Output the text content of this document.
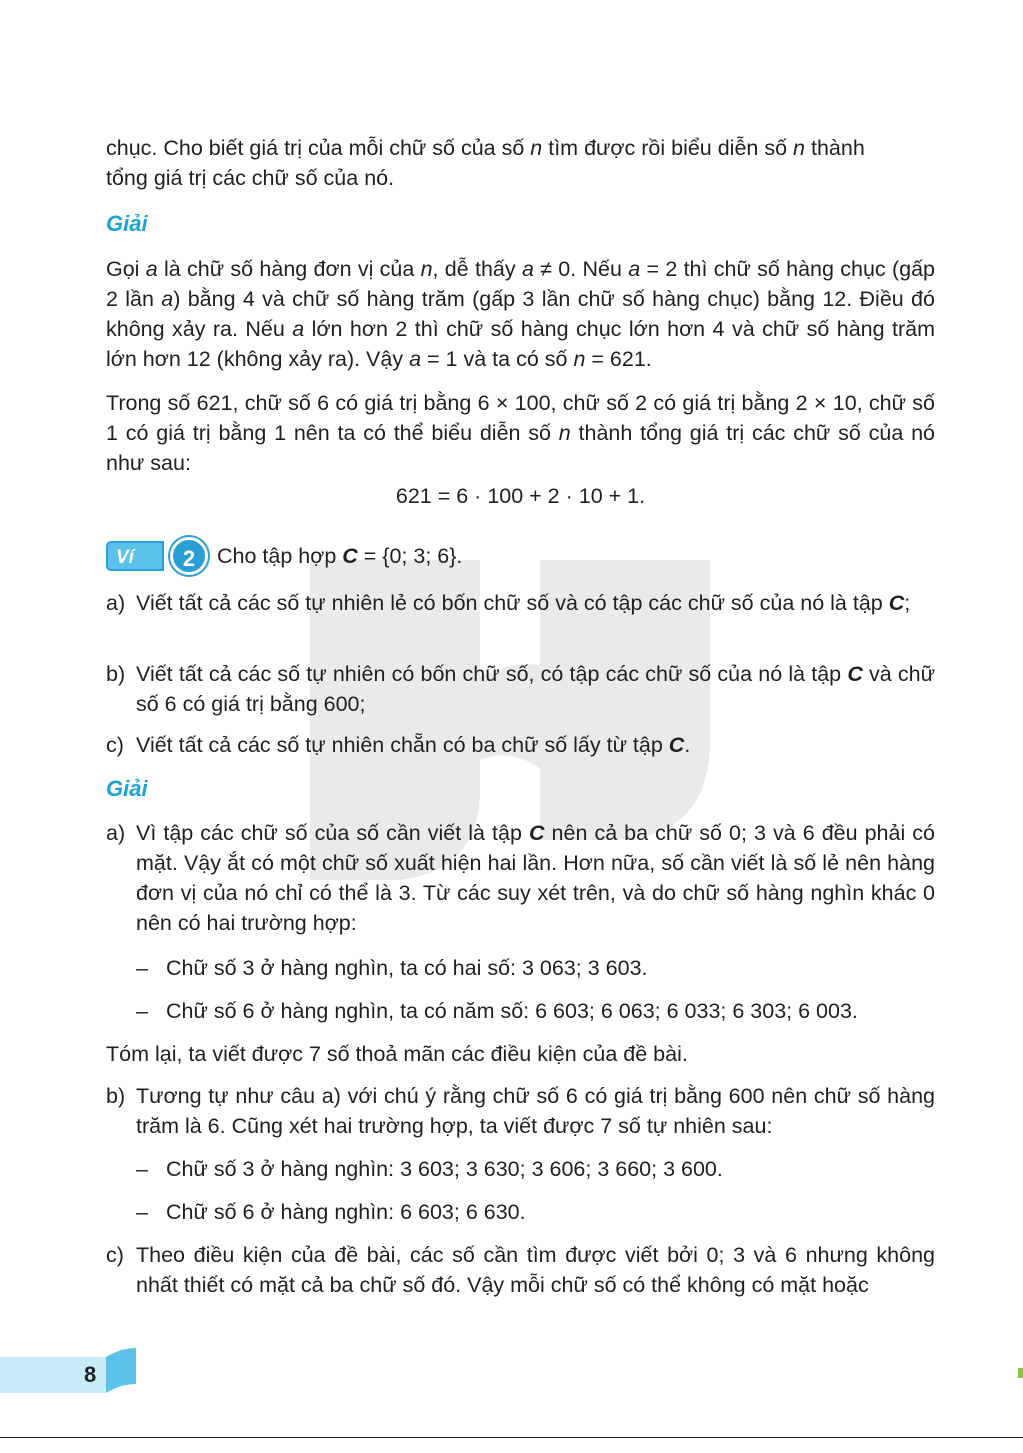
chục. Cho biết giá trị của mỗi chữ số của số n tìm được rồi biểu diễn số n thành
tổng giá trị các chữ số của nó.
Giải
Gọi a là chữ số hàng đơn vị của n, dễ thấy a ≠ 0. Nếu a = 2 thì chữ số hàng chục (gấp 2 lần a) bằng 4 và chữ số hàng trăm (gấp 3 lần chữ số hàng chục) bằng 12. Điều đó không xảy ra. Nếu a lớn hơn 2 thì chữ số hàng chục lớn hơn 4 và chữ số hàng trăm lớn hơn 12 (không xảy ra). Vậy a = 1 và ta có số n = 621.
Trong số 621, chữ số 6 có giá trị bằng 6 × 100, chữ số 2 có giá trị bằng 2 × 10, chữ số 1 có giá trị bằng 1 nên ta có thể biểu diễn số n thành tổng giá trị các chữ số của nó như sau:
621 = 6 · 100 + 2 · 10 + 1.
Ví dụ
2	Cho tập hợp C = {0; 3; 6}.
a) Viết tất cả các số tự nhiên lẻ có bốn chữ số và có tập các chữ số của nó là tập C;
b) Viết tất cả các số tự nhiên có bốn chữ số, có tập các chữ số của nó là tập C và chữ số 6 có giá trị bằng 600;
c) Viết tất cả các số tự nhiên chẵn có ba chữ số lấy từ tập C.
Giải
a) Vì tập các chữ số của số cần viết là tập C nên cả ba chữ số 0; 3 và 6 đều phải có mặt. Vậy ắt có một chữ số xuất hiện hai lần. Hơn nữa, số cần viết là số lẻ nên hàng đơn vị của nó chỉ có thể là 3. Từ các suy xét trên, và do chữ số hàng nghìn khác 0 nên có hai trường hợp:
– Chữ số 3 ở hàng nghìn, ta có hai số: 3 063; 3 603.
– Chữ số 6 ở hàng nghìn, ta có năm số: 6 603; 6 063; 6 033; 6 303; 6 003.
Tóm lại, ta viết được 7 số thoả mãn các điều kiện của đề bài.
b) Tương tự như câu a) với chú ý rằng chữ số 6 có giá trị bằng 600 nên chữ số hàng trăm là 6. Cũng xét hai trường hợp, ta viết được 7 số tự nhiên sau:
– Chữ số 3 ở hàng nghìn: 3 603; 3 630; 3 606; 3 660; 3 600.
– Chữ số 6 ở hàng nghìn: 6 603; 6 630.
c) Theo điều kiện của đề bài, các số cần tìm được viết bởi 0; 3 và 6 nhưng không nhất thiết có mặt cả ba chữ số đó. Vậy mỗi chữ số có thể không có mặt hoặc
8
